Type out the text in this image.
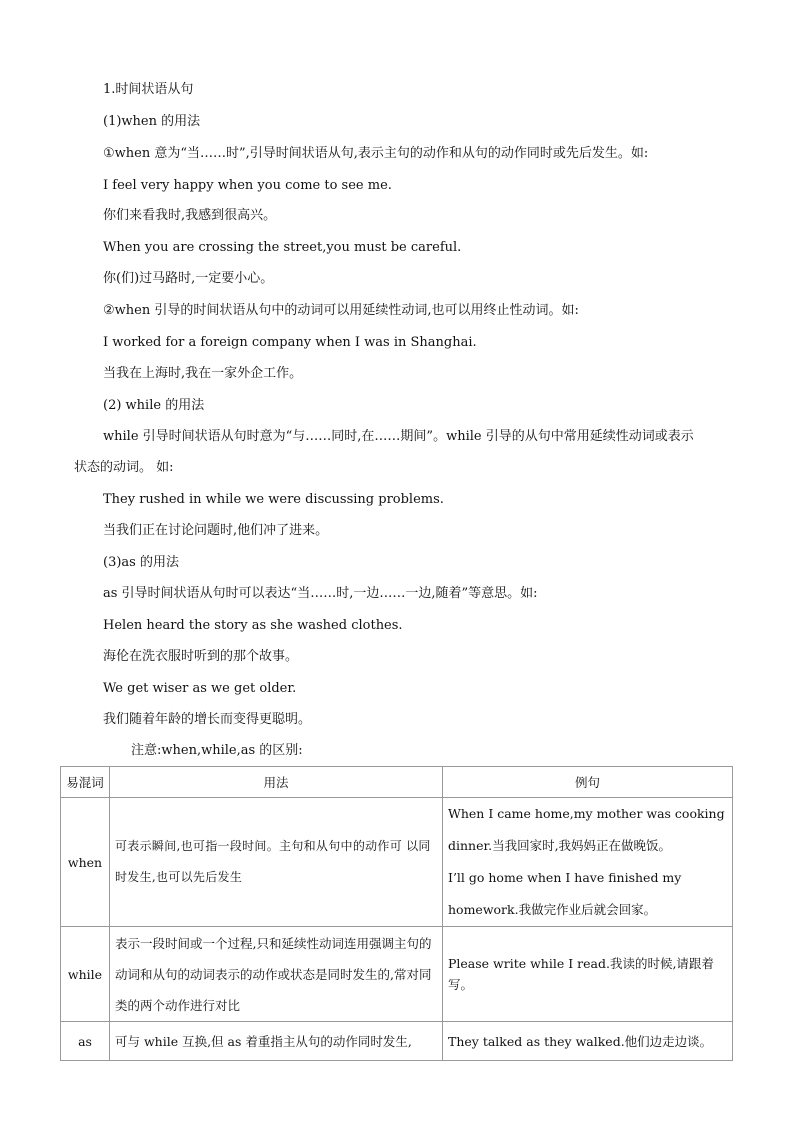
1.时间状语从句
(1)when 的用法
①when 意为“当……时”,引导时间状语从句,表示主句的动作和从句的动作同时或先后发生。如:
I feel very happy when you come to see me.
你们来看我时,我感到很高兴。
When you are crossing the street,you must be careful.
你(们)过马路时,一定要小心。
②when 引导的时间状语从句中的动词可以用延续性动词,也可以用终止性动词。如:
I worked for a foreign company when I was in Shanghai.
当我在上海时,我在一家外企工作。
(2) while 的用法
while 引导时间状语从句时意为“与……同时,在……期间”。while 引导的从句中常用延续性动词或表示
状态的动词。 如:
They rushed in while we were discussing problems.
当我们正在讨论问题时,他们冲了进来。
(3)as 的用法
as 引导时间状语从句时可以表达“当……时,一边……一边,随着”等意思。如:
Helen heard the story as she washed clothes.
海伦在洗衣服时听到的那个故事。
We get wiser as we get older.
我们随着年龄的增长而变得更聪明。
注意:when,while,as 的区别:
易混词	用法	例句
when	可表示瞬间,也可指一段时间。主句和从句中的动作可 以同时发生,也可以先后发生	When I came home,my mother was cooking dinner.当我回家时,我妈妈正在做晚饭。

I’ll go home when I have finished my homework.我做完作业后就会回家。

while	表示一段时间或一个过程,只和延续性动词连用强调主句的动词和从句的动词表示的动作或状态是同时发生的,常对同类的两个动作进行对比	Please write while I read.我读的时候,请跟着写。

as	可与 while 互换,但 as 着重指主从句的动作同时发生,	They talked as they walked.他们边走边谈。
